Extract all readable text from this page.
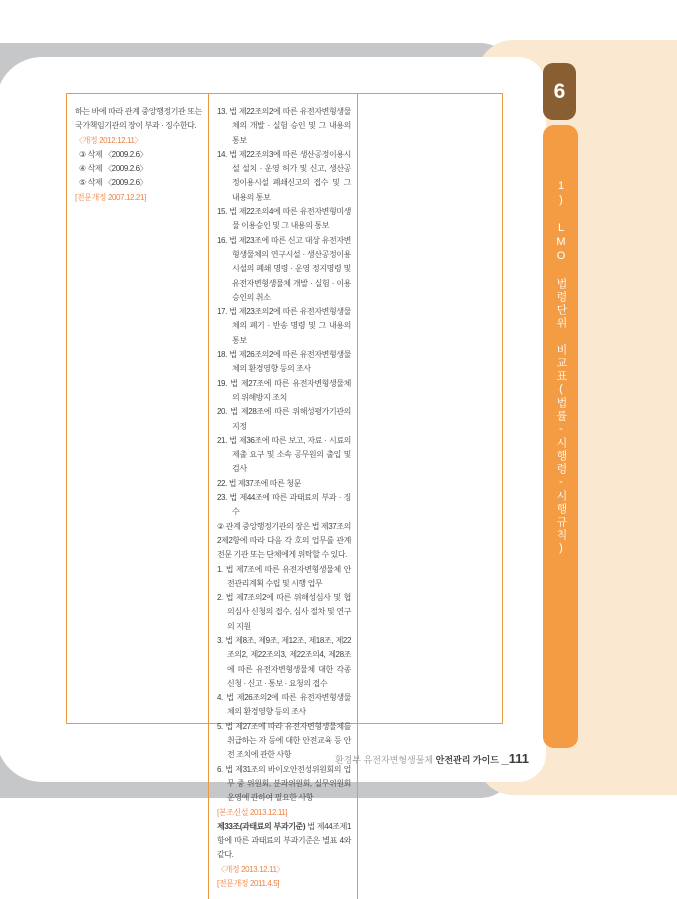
6
1) LMO 법령단위 비교표(법률-시행령-시행규칙)
하는 바에 따라 관계 중앙행정기관 또는 국가책임기관의 장이 부과 · 징수한다.
〈개정 2012.12.11〉
③ 삭제 〈2009.2.6〉
④ 삭제 〈2009.2.6〉
⑤ 삭제 〈2009.2.6〉
[전문개정 2007.12.21]
13. 법 제22조의2에 따른 유전자변형생물체의 개발 · 실험 승인 및 그 내용의 통보
14. 법 제22조의3에 따른 생산공정이용시설 설치 · 운영 허가 및 신고, 생산공정이용시설 폐쇄신고의 접수 및 그 내용의 통보
15. 법 제22조의4에 따른 유전자변형미생물 이용승인 및 그 내용의 통보
16. 법 제23조에 따른 신고 대상 유전자변형생물체의 연구시설 · 생산공정이용시설의 폐쇄 명령 · 운영 정지명령 및 유전자변형생물체 개발 · 실험 · 이용 승인의 취소
17. 법 제23조의2에 따른 유전자변형생물체의 폐기 · 반송 명령 및 그 내용의 통보
18. 법 제26조의2에 따른 유전자변형생물체의 환경영향 등의 조사
19. 법 제27조에 따른 유전자변형생물체의 위해방지 조치
20. 법 제28조에 따른 위해성평가기관의 지정
21. 법 제36조에 따른 보고, 자료 · 시료의 제출 요구 및 소속 공무원의 출입 및 검사
22. 법 제37조에 따른 청문
23. 법 제44조에 따른 과태료의 부과 · 징수
② 관계 중앙행정기관의 장은 법 제37조의2제2항에 따라 다음 각 호의 업무를 관계 전문 기관 또는 단체에게 위탁할 수 있다.
1. 법 제7조에 따른 유전자변형생물체 안전관리계획 수립 및 시행 업무
2. 법 제7조의2에 따른 위해성심사 및 협의심사 신청의 접수, 심사 절차 및 연구의 지원
3. 법 제8조, 제9조, 제12조, 제18조, 제22조의2, 제22조의3, 제22조의4, 제28조에 따른 유전자변형생물체 대한 각종 신청 · 신고 · 통보 · 요청의 접수
4. 법 제26조의2에 따른 유전자변형생물체의 환경영향 등의 조사
5. 법 제27조에 따라 유전자변형생물체를 취급하는 자 등에 대한 안전교육 등 안전 조치에 관한 사항
6. 법 제31조의 바이오안전성위원회의 업무 중 위원회, 분과위원회, 실무위원회 운영에 관하여 필요한 사항
[본조신설 2013.12.11]
제33조(과태료의 부과기준) 법 제44조제1항에 따른 과태료의 부과기준은 별표 4와 같다.
〈개정 2013.12.11〉
[전문개정 2011.4.5]
환경부 유전자변형생물체 안전관리 가이드 _111
